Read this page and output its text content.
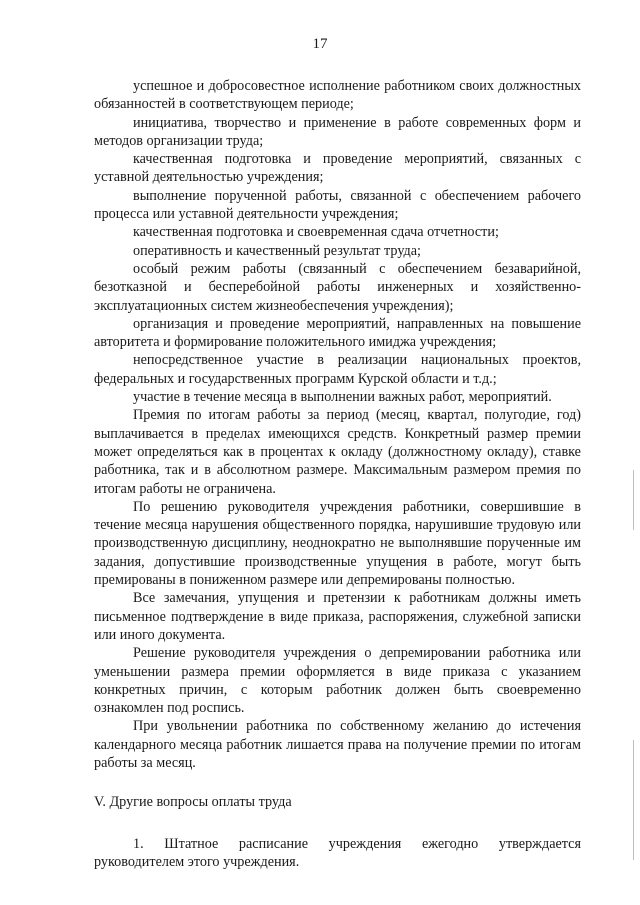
17

успешное и добросовестное исполнение работником своих должностных обязанностей в соответствующем периоде;

инициатива, творчество и применение в работе современных форм и методов организации труда;

качественная подготовка и проведение мероприятий, связанных с уставной деятельностью учреждения;

выполнение порученной работы, связанной с обеспечением рабочего процесса или уставной деятельности учреждения;

качественная подготовка и своевременная сдача отчетности;

оперативность и качественный результат труда;

особый режим работы (связанный с обеспечением безаварийной, безотказной и бесперебойной работы инженерных и хозяйственно-эксплуатационных систем жизнеобеспечения учреждения);

организация и проведение мероприятий, направленных на повышение авторитета и формирование положительного имиджа учреждения;

непосредственное участие в реализации национальных проектов, федеральных и государственных программ Курской области и т.д.;

участие в течение месяца в выполнении важных работ, мероприятий.

Премия по итогам работы за период (месяц, квартал, полугодие, год) выплачивается в пределах имеющихся средств. Конкретный размер премии может определяться как в процентах к окладу (должностному окладу), ставке работника, так и в абсолютном размере. Максимальным размером премия по итогам работы не ограничена.

По решению руководителя учреждения работники, совершившие в течение месяца нарушения общественного порядка, нарушившие трудовую или производственную дисциплину, неоднократно не выполнявшие порученные им задания, допустившие производственные упущения в работе, могут быть премированы в пониженном размере или депремированы полностью.

Все замечания, упущения и претензии к работникам должны иметь письменное подтверждение в виде приказа, распоряжения, служебной записки или иного документа.

Решение руководителя учреждения о депремировании работника или уменьшении размера премии оформляется в виде приказа с указанием конкретных причин, с которым работник должен быть своевременно ознакомлен под роспись.

При увольнении работника по собственному желанию до истечения календарного месяца работник лишается права на получение премии по итогам работы за месяц.

V. Другие вопросы оплаты труда

1. Штатное расписание учреждения ежегодно утверждается руководителем этого учреждения.
